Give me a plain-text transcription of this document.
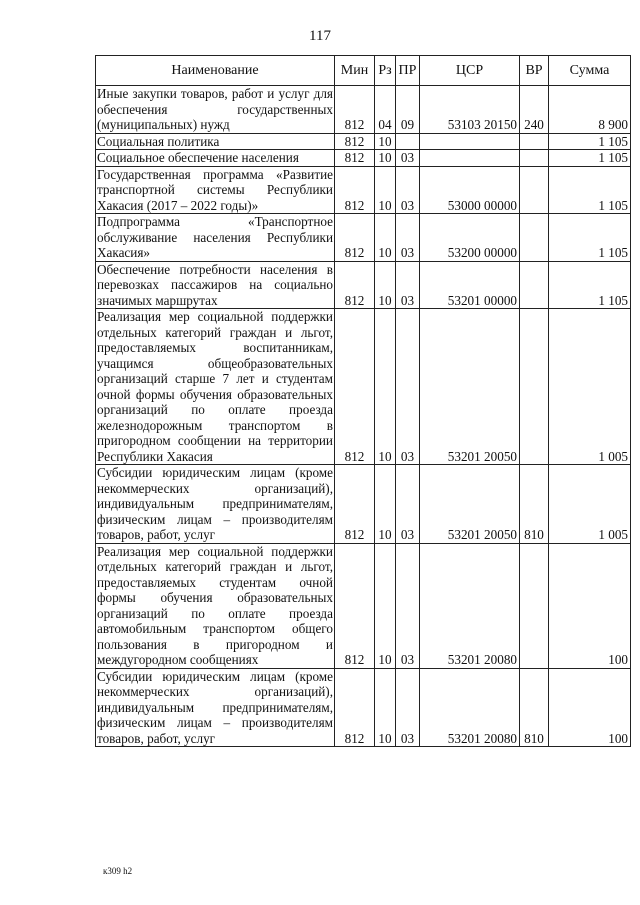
117
Наименование	Мин	Рз	ПР	ЦСР	ВР	Сумма
Иные закупки товаров, работ и услуг для обеспечения государственных (муниципальных) нужд	812	04	09	53103 20150	240	8 900
Социальная политика	812	10				1 105
Социальное обеспечение населения	812	10	03			1 105
Государственная программа «Развитие транспортной системы Республики Хакасия (2017 – 2022 годы)»	812	10	03	53000 00000		1 105
Подпрограмма «Транспортное обслуживание населения Республики Хакасия»	812	10	03	53200 00000		1 105
Обеспечение потребности населения в перевозках пассажиров на социально значимых маршрутах	812	10	03	53201 00000		1 105
Реализация мер социальной поддержки отдельных категорий граждан и льгот, предоставляемых воспитанникам, учащимся общеобразовательных организаций старше 7 лет и студентам очной формы обучения образовательных организаций по оплате проезда железнодорожным транспортом в пригородном сообщении на территории Республики Хакасия	812	10	03	53201 20050		1 005
Субсидии юридическим лицам (кроме некоммерческих организаций), индивидуальным предпринимателям, физическим лицам – производителям товаров, работ, услуг	812	10	03	53201 20050	810	1 005
Реализация мер социальной поддержки отдельных категорий граждан и льгот, предоставляемых студентам очной формы обучения образовательных организаций по оплате проезда автомобильным транспортом общего пользования в пригородном и междугородном сообщениях	812	10	03	53201 20080		100
Субсидии юридическим лицам (кроме некоммерческих организаций), индивидуальным предпринимателям, физическим лицам – производителям товаров, работ, услуг	812	10	03	53201 20080	810	100
к309 h2
